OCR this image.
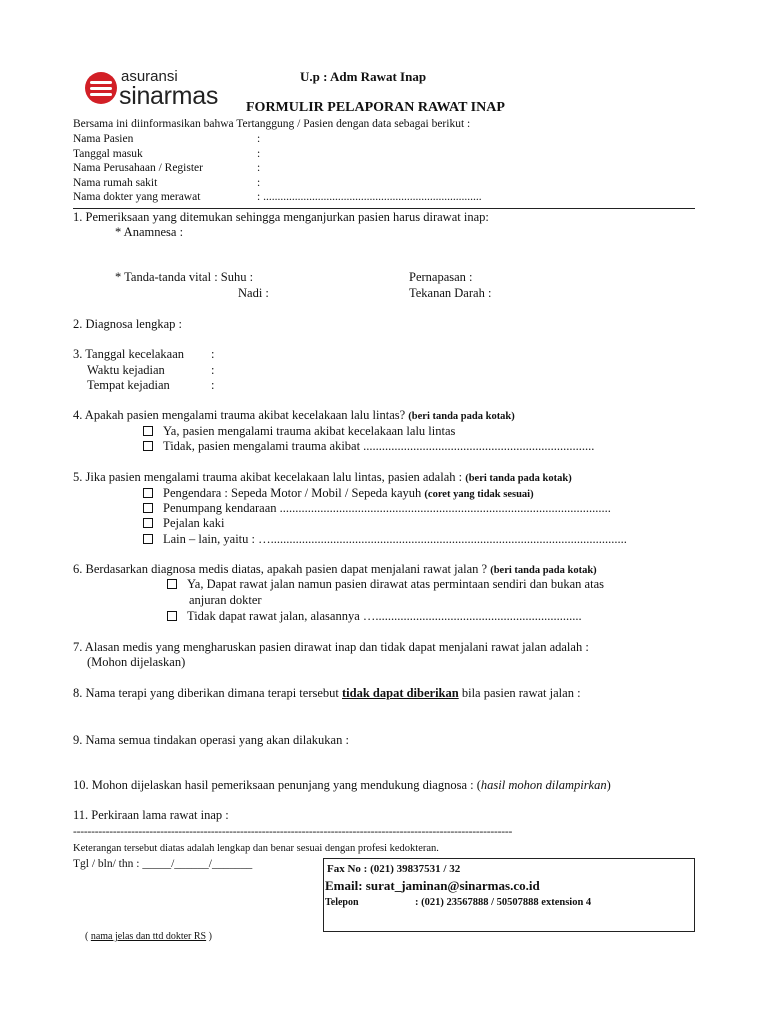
asuransi
sinarmas
U.p : Adm Rawat Inap
FORMULIR PELAPORAN RAWAT INAP
Bersama ini diinformasikan bahwa Tertanggung / Pasien dengan data sebagai berikut :
Nama Pasien	:
Tanggal masuk	:
Nama Perusahaan / Register	:
Nama rumah sakit	:
Nama dokter yang merawat	: ............................................................................
1. Pemeriksaan yang ditemukan sehingga menganjurkan pasien harus dirawat inap:
* Anamnesa :
* Tanda-tanda vital : Suhu :
Nadi :
Pernapasan :
Tekanan Darah :
2. Diagnosa lengkap :
3. Tanggal kecelakaan :
Waktu kejadian	:
Tempat kejadian	:
4. Apakah pasien mengalami trauma akibat kecelakaan lalu lintas? (beri tanda pada kotak)
Ya, pasien mengalami trauma akibat kecelakaan lalu lintas
Tidak, pasien mengalami trauma akibat ..........................................................................
5. Jika pasien mengalami trauma akibat kecelakaan lalu lintas, pasien adalah : (beri tanda pada kotak)
Pengendara : Sepeda Motor / Mobil / Sepeda kayuh (coret yang tidak sesuai)
Penumpang kendaraan ..........................................................................................................
Pejalan kaki
Lain – lain, yaitu : …..................................................................................................................
6. Berdasarkan diagnosa medis diatas, apakah pasien dapat menjalani rawat jalan ? (beri tanda pada kotak)
Ya, Dapat rawat jalan namun pasien dirawat atas permintaan sendiri dan bukan atas
anjuran dokter
Tidak dapat rawat jalan, alasannya …..................................................................
7. Alasan medis yang mengharuskan pasien dirawat inap dan tidak dapat menjalani rawat jalan adalah :
(Mohon dijelaskan)
8. Nama terapi yang diberikan dimana terapi tersebut tidak dapat diberikan bila pasien rawat jalan :
9. Nama semua tindakan operasi yang akan dilakukan :
10. Mohon dijelaskan hasil pemeriksaan penunjang yang mendukung diagnosa : (hasil mohon dilampirkan)
11. Perkiraan lama rawat inap :
-------------------------------------------------------------------------------------------------------------------------
Keterangan tersebut diatas adalah lengkap dan benar sesuai dengan profesi kedokteran.
Tgl / bln/ thn : _____/______/_______
( nama jelas dan ttd dokter RS )
Fax No : (021) 39837531 / 32
Email: surat_jaminan@sinarmas.co.id
Telepon	: (021) 23567888 / 50507888 extension 4
